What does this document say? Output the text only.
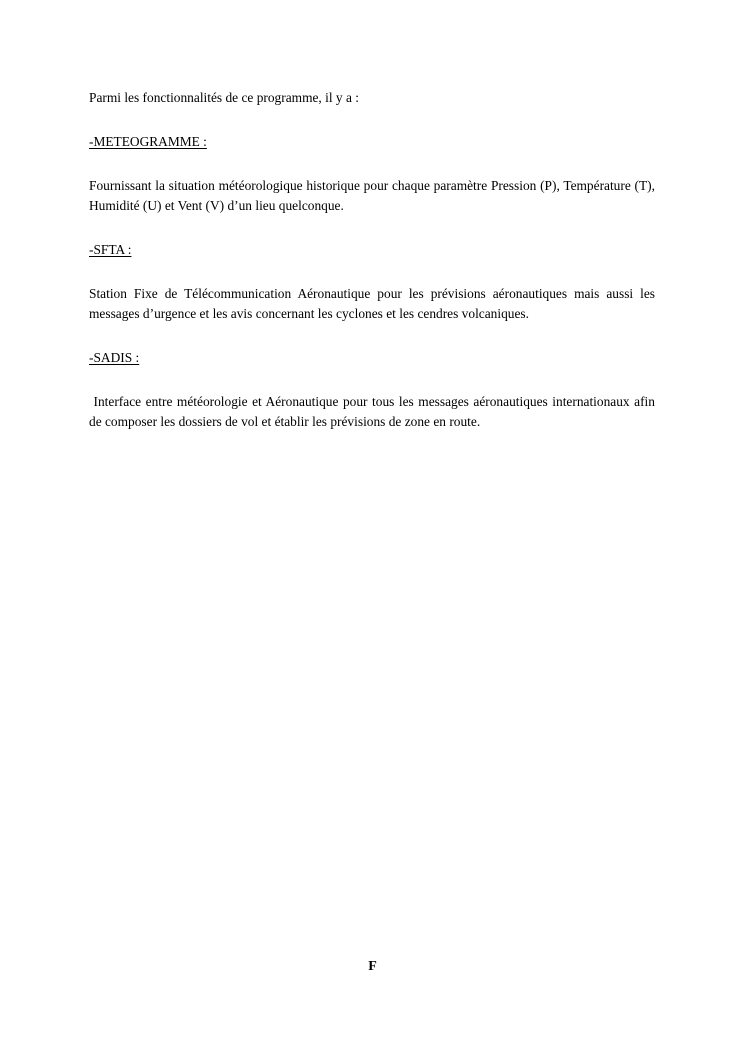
Parmi les fonctionnalités de ce programme, il y a :

-METEOGRAMME :

Fournissant la situation météorologique historique pour chaque paramètre Pression (P), Température (T), Humidité (U) et Vent (V) d’un lieu quelconque.

-SFTA :

Station Fixe de Télécommunication Aéronautique pour les prévisions aéronautiques mais aussi les messages d’urgence et les avis concernant les cyclones et les cendres volcaniques.

-SADIS :

Interface entre météorologie et Aéronautique pour tous les messages aéronautiques internationaux afin de composer les dossiers de vol et établir les prévisions de zone en route.

F
